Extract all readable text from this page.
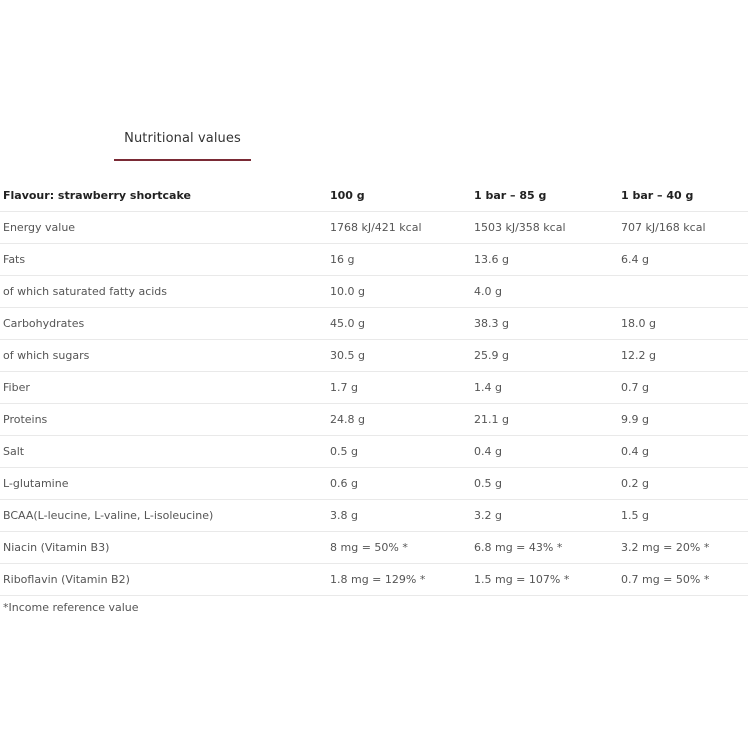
Nutritional values
Flavour: strawberry shortcake	100 g	1 bar – 85 g	1 bar – 40 g
Energy value	1768 kJ/421 kcal	1503 kJ/358 kcal	707 kJ/168 kcal
Fats	16 g	13.6 g	6.4 g
of which saturated fatty acids	10.0 g	4.0 g	
Carbohydrates	45.0 g	38.3 g	18.0 g
of which sugars	30.5 g	25.9 g	12.2 g
Fiber	1.7 g	1.4 g	0.7 g
Proteins	24.8 g	21.1 g	9.9 g
Salt	0.5 g	0.4 g	0.4 g
L-glutamine	0.6 g	0.5 g	0.2 g
BCAA(L-leucine, L-valine, L-isoleucine)	3.8 g	3.2 g	1.5 g
Niacin (Vitamin B3)	8 mg = 50% *	6.8 mg = 43% *	3.2 mg = 20% *
Riboflavin (Vitamin B2)	1.8 mg = 129% *	1.5 mg = 107% *	0.7 mg = 50% *
*Income reference value
